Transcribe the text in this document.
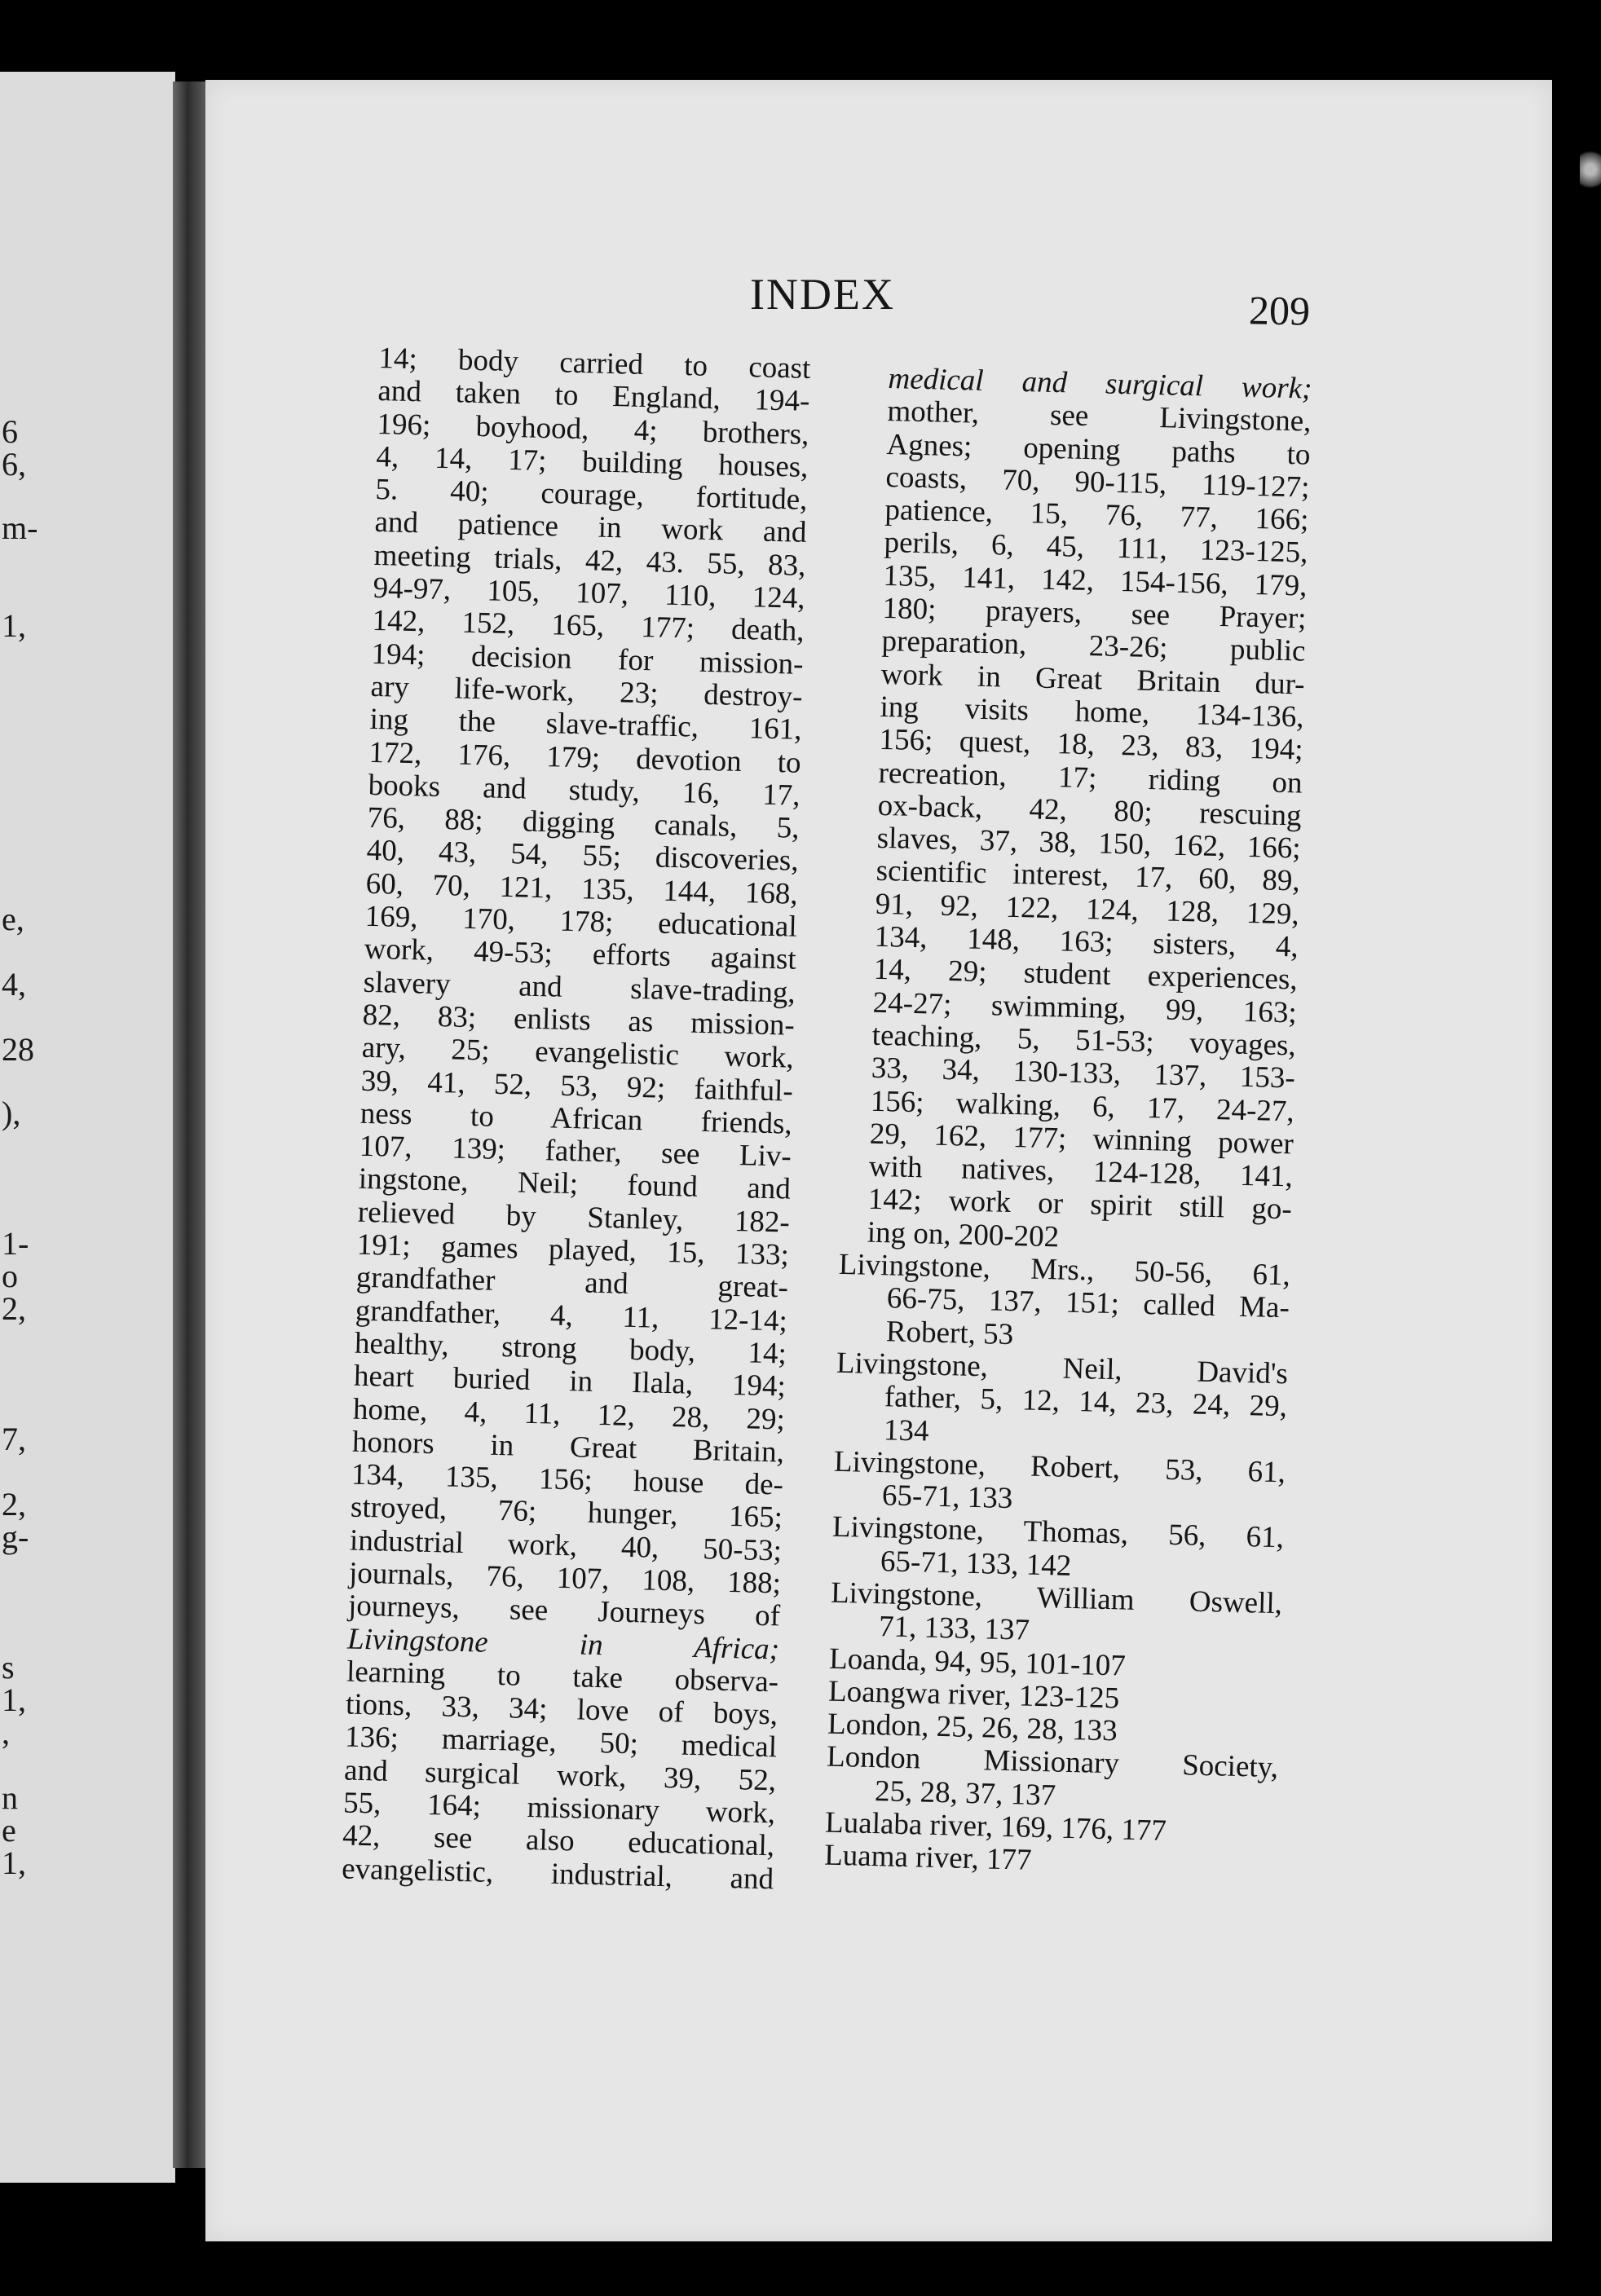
6
6,
m-
1,
e,
4,
28
),
1-
o
2,
7,
2,
g-
s
1,
,
n
e
1,
INDEX	209
14; body carried to coast
and taken to England, 194-
196; boyhood, 4; brothers,
4, 14, 17; building houses,
5. 40; courage, fortitude,
and patience in work and
meeting trials, 42, 43. 55, 83,
94-97, 105, 107, 110, 124,
142, 152, 165, 177; death,
194; decision for mission-
ary life-work, 23; destroy-
ing the slave-traffic, 161,
172, 176, 179; devotion to
books and study, 16, 17,
76, 88; digging canals, 5,
40, 43, 54, 55; discoveries,
60, 70, 121, 135, 144, 168,
169, 170, 178; educational
work, 49-53; efforts against
slavery and slave-trading,
82, 83; enlists as mission-
ary, 25; evangelistic work,
39, 41, 52, 53, 92; faithful-
ness to African friends,
107, 139; father, see Liv-
ingstone, Neil; found and
relieved by Stanley, 182-
191; games played, 15, 133;
grandfather and great-
grandfather, 4, 11, 12-14;
healthy, strong body, 14;
heart buried in Ilala, 194;
home, 4, 11, 12, 28, 29;
honors in Great Britain,
134, 135, 156; house de-
stroyed, 76; hunger, 165;
industrial work, 40, 50-53;
journals, 76, 107, 108, 188;
journeys, see Journeys of
Livingstone in Africa;
learning to take observa-
tions, 33, 34; love of boys,
136; marriage, 50; medical
and surgical work, 39, 52,
55, 164; missionary work,
42, see also educational,
evangelistic, industrial, and
medical and surgical work;
mother, see Livingstone,
Agnes; opening paths to
coasts, 70, 90-115, 119-127;
patience, 15, 76, 77, 166;
perils, 6, 45, 111, 123-125,
135, 141, 142, 154-156, 179,
180; prayers, see Prayer;
preparation, 23-26; public
work in Great Britain dur-
ing visits home, 134-136,
156; quest, 18, 23, 83, 194;
recreation, 17; riding on
ox-back, 42, 80; rescuing
slaves, 37, 38, 150, 162, 166;
scientific interest, 17, 60, 89,
91, 92, 122, 124, 128, 129,
134, 148, 163; sisters, 4,
14, 29; student experiences,
24-27; swimming, 99, 163;
teaching, 5, 51-53; voyages,
33, 34, 130-133, 137, 153-
156; walking, 6, 17, 24-27,
29, 162, 177; winning power
with natives, 124-128, 141,
142; work or spirit still go-
ing on, 200-202
Livingstone, Mrs., 50-56, 61,
66-75, 137, 151; called Ma-
Robert, 53
Livingstone, Neil, David's
father, 5, 12, 14, 23, 24, 29,
134
Livingstone, Robert, 53, 61,
65-71, 133
Livingstone, Thomas, 56, 61,
65-71, 133, 142
Livingstone, William Oswell,
71, 133, 137
Loanda, 94, 95, 101-107
Loangwa river, 123-125
London, 25, 26, 28, 133
London Missionary Society,
25, 28, 37, 137
Lualaba river, 169, 176, 177
Luama river, 177
